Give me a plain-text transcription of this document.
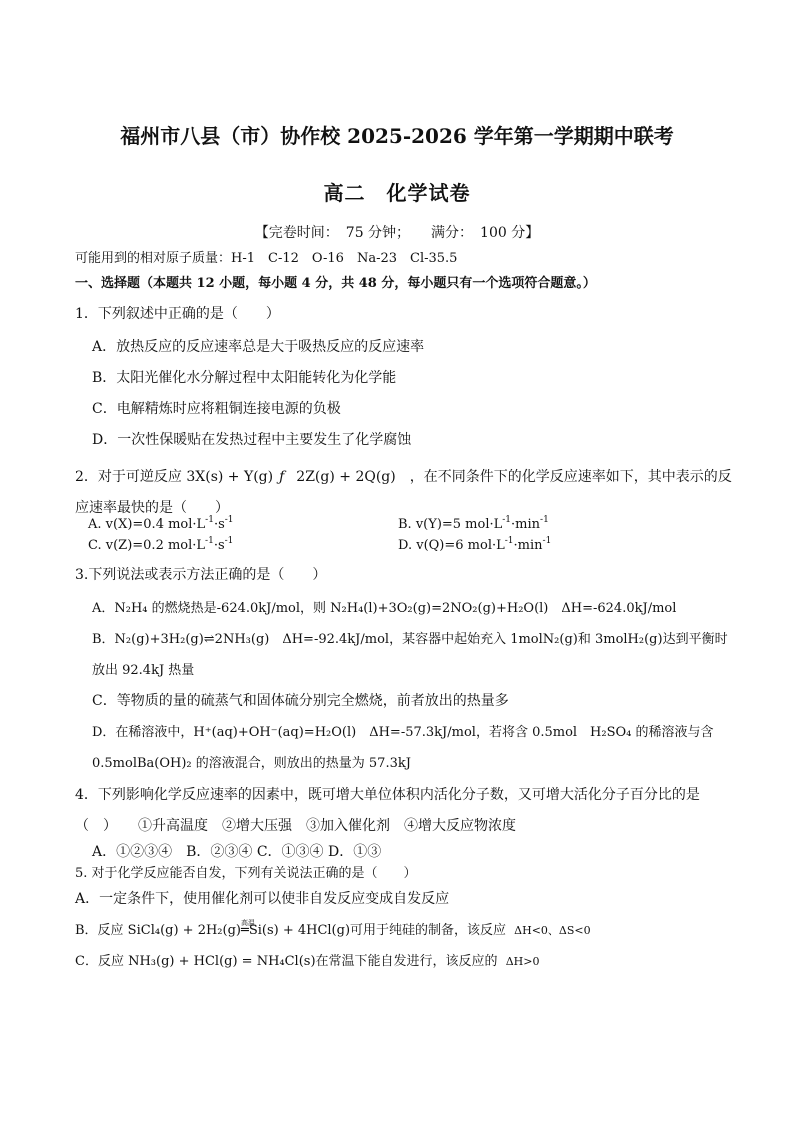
福州市八县（市）协作校 2025-2026 学年第一学期期中联考
高二　化学试卷
【完卷时间：　75 分钟；　　满分：　100 分】
可能用到的相对原子质量：H-1　C-12　O-16　Na-23　Cl-35.5
一、选择题（本题共 12 小题，每小题 4 分，共 48 分，每小题只有一个选项符合题意。）
1．下列叙述中正确的是（　　）
A．放热反应的反应速率总是大于吸热反应的反应速率
B．太阳光催化水分解过程中太阳能转化为化学能
C．电解精炼时应将粗铜连接电源的负极
D．一次性保暖贴在发热过程中主要发生了化学腐蚀
2．对于可逆反应 3X(s) + Y(g) ƒ 2Z(g) + 2Q(g)　，在不同条件下的化学反应速率如下，其中表示的反
应速率最快的是（　　）
A. v(X)=0.4 $mol\cdot L^{-1}\cdot s^{-1}$	B. v(Y)=5 $mol\cdot L^{-1}\cdot\min^{-1}$
C. v(Z)=0.2 $mol\cdot L^{-1}\cdot s^{-1}$	D. v(Q)=6 $mol\cdot L^{-1}\cdot\min^{-1}$
3.下列说法或表示方法正确的是（　　）
A．N₂H₄ 的燃烧热是-624.0kJ/mol，则 N₂H₄(l)+3O₂(g)=2NO₂(g)+H₂O(l)　ΔH=-624.0kJ/mol
B．N₂(g)+3H₂(g)⇌2NH₃(g)　ΔH=-92.4kJ/mol，某容器中起始充入 1molN₂(g)和 3molH₂(g)达到平衡时
放出 92.4kJ 热量
C．等物质的量的硫蒸气和固体硫分别完全燃烧，前者放出的热量多
D．在稀溶液中，H⁺(aq)+OH⁻(aq)=H₂O(l)　ΔH=-57.3kJ/mol，若将含 0.5mol　H₂SO₄ 的稀溶液与含
0.5molBa(OH)₂ 的溶液混合，则放出的热量为 57.3kJ
4．下列影响化学反应速率的因素中，既可增大单位体积内活化分子数，又可增大活化分子百分比的是
（　）　　①升高温度　②增大压强　③加入催化剂　④增大反应物浓度
A．①②③④　B．②③④ C．①③④ D．①③
5. 对于化学反应能否自发，下列有关说法正确的是（　　）
A．一定条件下，使用催化剂可以使非自发反应变成自发反应
B．反应 SiCl₄(g) + 2H₂(g) 高温
═Si(s) + 4HCl(g)可用于纯硅的制备，该反应 ΔH<0、ΔS<0
C．反应 NH₃(g) + HCl(g) = NH₄Cl(s)在常温下能自发进行，该反应的 ΔH>0
